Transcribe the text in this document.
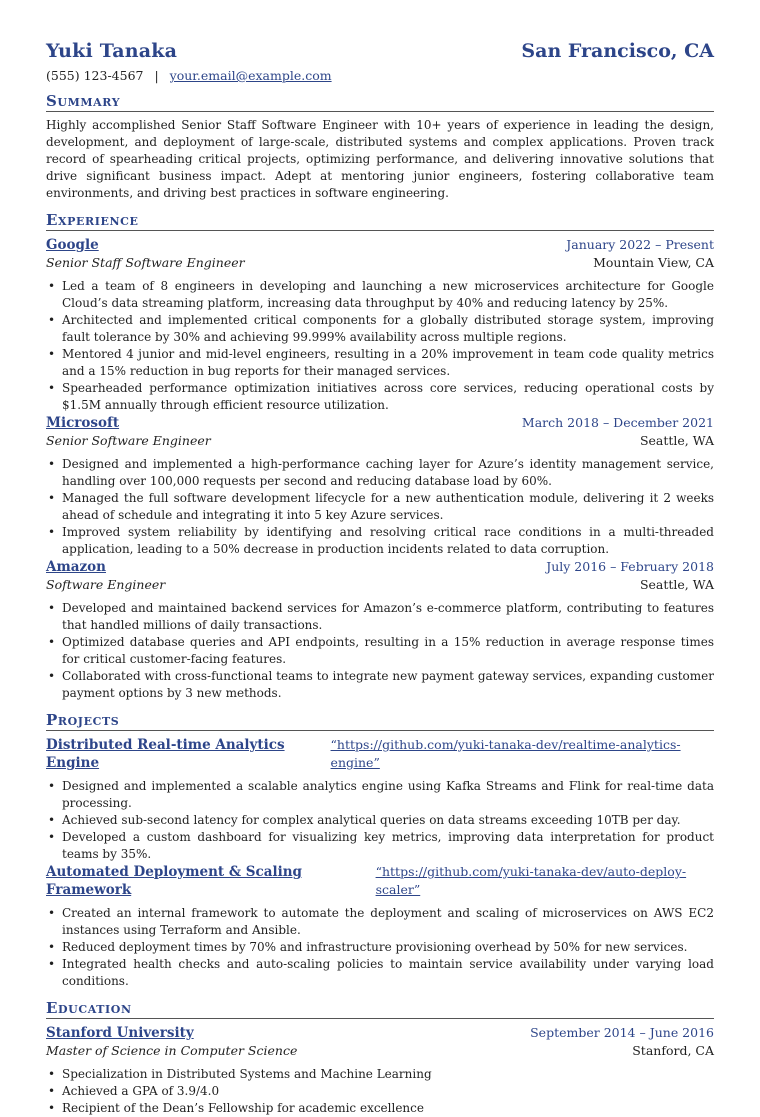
Yuki Tanaka	San Francisco, CA
(555) 123-4567 | your.email@example.com
Summary
Highly accomplished Senior Staff Software Engineer with 10+ years of experience in leading the design, development, and deployment of large-scale, distributed systems and complex applications. Proven track record of spearheading critical projects, optimizing performance, and delivering innovative solutions that drive significant business impact. Adept at mentoring junior engineers, fostering collaborative team environments, and driving best practices in software engineering.
Experience
Google	January 2022 – Present
Senior Staff Software Engineer	Mountain View, CA
• Led a team of 8 engineers in developing and launching a new microservices architecture for Google Cloud’s data streaming platform, increasing data throughput by 40% and reducing latency by 25%.
• Architected and implemented critical components for a globally distributed storage system, improving fault tolerance by 30% and achieving 99.999% availability across multiple regions.
• Mentored 4 junior and mid-level engineers, resulting in a 20% improvement in team code quality metrics and a 15% reduction in bug reports for their managed services.
• Spearheaded performance optimization initiatives across core services, reducing operational costs by $1.5M annually through efficient resource utilization.
Microsoft	March 2018 – December 2021
Senior Software Engineer	Seattle, WA
• Designed and implemented a high-performance caching layer for Azure’s identity management service, handling over 100,000 requests per second and reducing database load by 60%.
• Managed the full software development lifecycle for a new authentication module, delivering it 2 weeks ahead of schedule and integrating it into 5 key Azure services.
• Improved system reliability by identifying and resolving critical race conditions in a multi-threaded application, leading to a 50% decrease in production incidents related to data corruption.
Amazon	July 2016 – February 2018
Software Engineer	Seattle, WA
• Developed and maintained backend services for Amazon’s e-commerce platform, contributing to features that handled millions of daily transactions.
• Optimized database queries and API endpoints, resulting in a 15% reduction in average response times for critical customer-facing features.
• Collaborated with cross-functional teams to integrate new payment gateway services, expanding customer payment options by 3 new methods.
Projects
Distributed Real-time Analytics Engine
“https://github.com/yuki-tanaka-dev/realtime-analytics-engine”
• Designed and implemented a scalable analytics engine using Kafka Streams and Flink for real-time data processing.
• Achieved sub-second latency for complex analytical queries on data streams exceeding 10TB per day.
• Developed a custom dashboard for visualizing key metrics, improving data interpretation for product teams by 35%.
Automated Deployment & Scaling Framework
“https://github.com/yuki-tanaka-dev/auto-deploy-scaler”
• Created an internal framework to automate the deployment and scaling of microservices on AWS EC2 instances using Terraform and Ansible.
• Reduced deployment times by 70% and infrastructure provisioning overhead by 50% for new services.
• Integrated health checks and auto-scaling policies to maintain service availability under varying load conditions.
Education
Stanford University	September 2014 – June 2016
Master of Science in Computer Science	Stanford, CA
• Specialization in Distributed Systems and Machine Learning
• Achieved a GPA of 3.9/4.0
• Recipient of the Dean’s Fellowship for academic excellence
